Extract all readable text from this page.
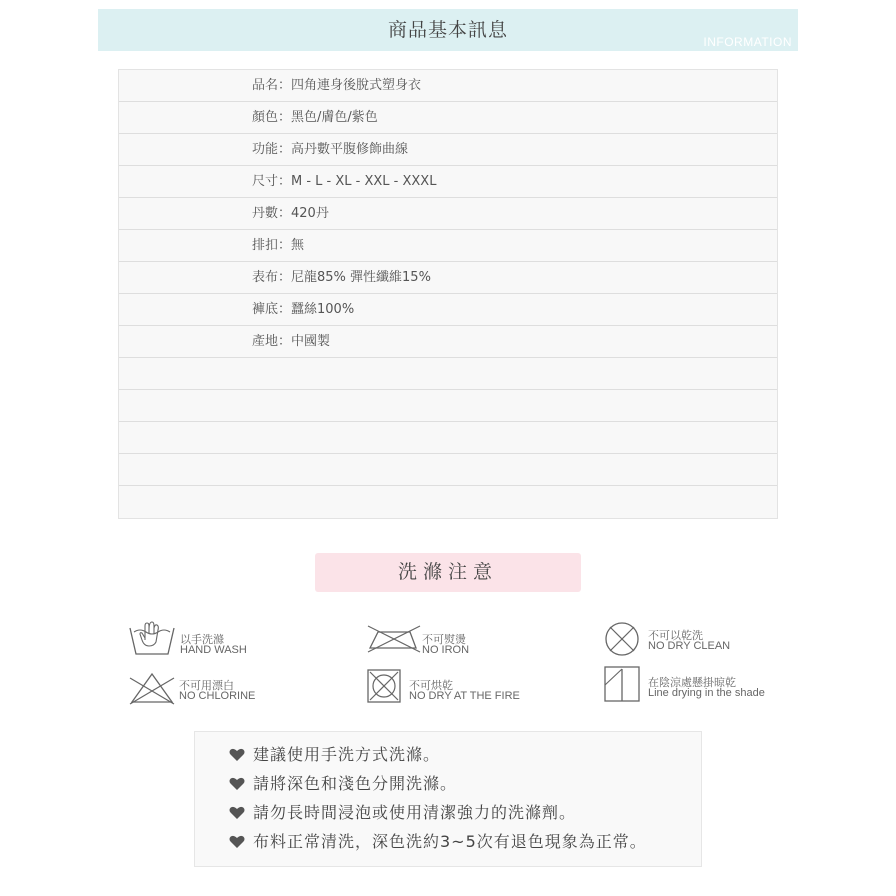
商品基本訊息
INFORMATION
品名：四角連身後脫式塑身衣
顏色：黑色/膚色/紫色
功能：高丹數平腹修飾曲線
尺寸：M - L - XL - XXL - XXXL
丹數：420丹
排扣：無
表布：尼龍85% 彈性纖維15%
褲底：蠶絲100%
產地：中國製
洗滌注意
以手洗滌
HAND WASH
不可熨燙
NO IRON
不可以乾洗
NO DRY CLEAN
不可用漂白
NO CHLORINE
不可烘乾
NO DRY AT THE FIRE
在陰涼處懸掛晾乾
Line drying in the shade
建議使用手洗方式洗滌。
請將深色和淺色分開洗滌。
請勿長時間浸泡或使用清潔強力的洗滌劑。
布料正常清洗，深色洗約3~5次有退色現象為正常。
